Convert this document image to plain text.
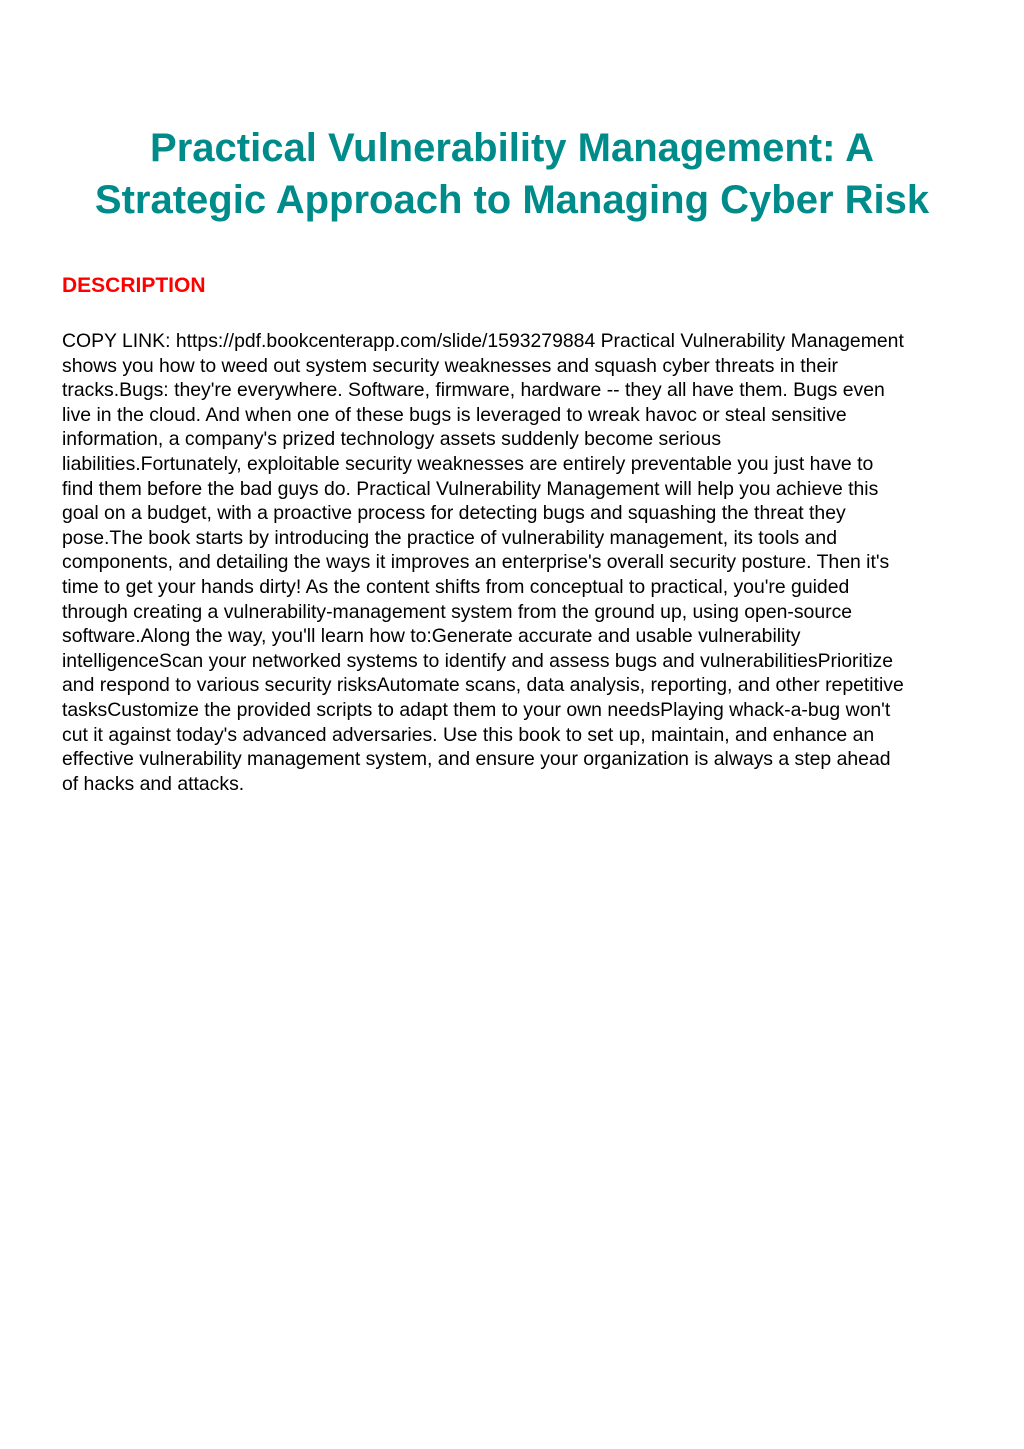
Practical Vulnerability Management: A
Strategic Approach to Managing Cyber Risk
DESCRIPTION

COPY LINK: https://pdf.bookcenterapp.com/slide/1593279884 Practical Vulnerability Management
shows you how to weed out system security weaknesses and squash cyber threats in their
tracks.Bugs: they're everywhere. Software, firmware, hardware -- they all have them. Bugs even
live in the cloud. And when one of these bugs is leveraged to wreak havoc or steal sensitive
information, a company's prized technology assets suddenly become serious
liabilities.Fortunately, exploitable security weaknesses are entirely preventable you just have to
find them before the bad guys do. Practical Vulnerability Management will help you achieve this
goal on a budget, with a proactive process for detecting bugs and squashing the threat they
pose.The book starts by introducing the practice of vulnerability management, its tools and
components, and detailing the ways it improves an enterprise's overall security posture. Then it's
time to get your hands dirty! As the content shifts from conceptual to practical, you're guided
through creating a vulnerability-management system from the ground up, using open-source
software.Along the way, you'll learn how to:Generate accurate and usable vulnerability
intelligenceScan your networked systems to identify and assess bugs and vulnerabilitiesPrioritize
and respond to various security risksAutomate scans, data analysis, reporting, and other repetitive
tasksCustomize the provided scripts to adapt them to your own needsPlaying whack-a-bug won't
cut it against today's advanced adversaries. Use this book to set up, maintain, and enhance an
effective vulnerability management system, and ensure your organization is always a step ahead
of hacks and attacks.
